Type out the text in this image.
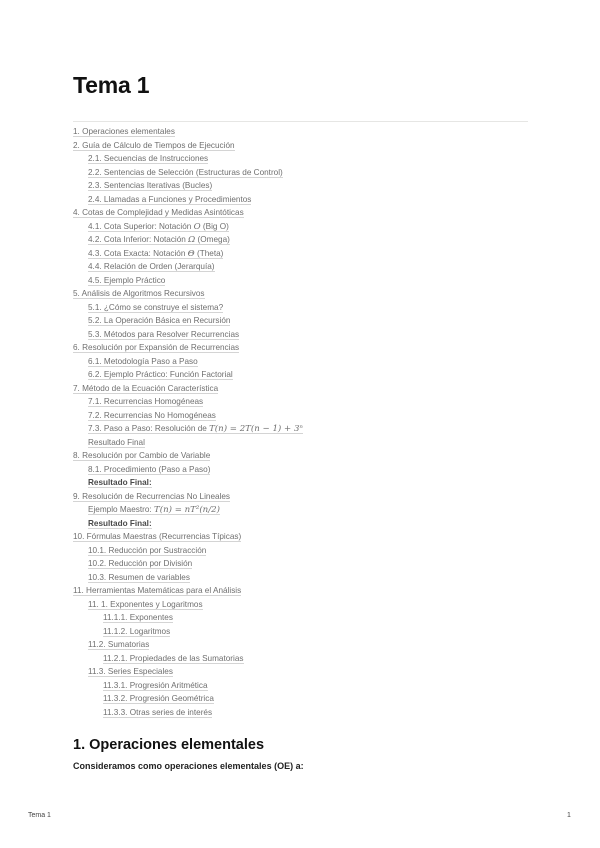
Tema 1
1. Operaciones elementales
2. Guía de Cálculo de Tiempos de Ejecución
2.1. Secuencias de Instrucciones
2.2. Sentencias de Selección (Estructuras de Control)
2.3. Sentencias Iterativas (Bucles)
2.4. Llamadas a Funciones y Procedimientos
4. Cotas de Complejidad y Medidas Asintóticas
4.1. Cota Superior: Notación O (Big O)
4.2. Cota Inferior: Notación Ω (Omega)
4.3. Cota Exacta: Notación Θ (Theta)
4.4. Relación de Orden (Jerarquía)
4.5. Ejemplo Práctico
5. Análisis de Algoritmos Recursivos
5.1. ¿Cómo se construye el sistema?
5.2. La Operación Básica en Recursión
5.3. Métodos para Resolver Recurrencias
6. Resolución por Expansión de Recurrencias
6.1. Metodología Paso a Paso
6.2. Ejemplo Práctico: Función Factorial
7. Método de la Ecuación Característica
7.1. Recurrencias Homogéneas
7.2. Recurrencias No Homogéneas
7.3. Paso a Paso: Resolución de T(n) = 2T(n − 1) + 3ⁿ
Resultado Final
8. Resolución por Cambio de Variable
8.1. Procedimiento (Paso a Paso)
Resultado Final:
9. Resolución de Recurrencias No Lineales
Ejemplo Maestro: T(n) = nT²(n/2)
Resultado Final:
10. Fórmulas Maestras (Recurrencias Típicas)
10.1. Reducción por Sustracción
10.2. Reducción por División
10.3. Resumen de variables
11. Herramientas Matemáticas para el Análisis
11. 1. Exponentes y Logaritmos
11.1.1. Exponentes
11.1.2. Logaritmos
11.2. Sumatorias
11.2.1. Propiedades de las Sumatorias
11.3. Series Especiales
11.3.1. Progresión Aritmética
11.3.2. Progresión Geométrica
11.3.3. Otras series de interés
1. Operaciones elementales

Consideramos como operaciones elementales (OE) a:

Tema 1	1
